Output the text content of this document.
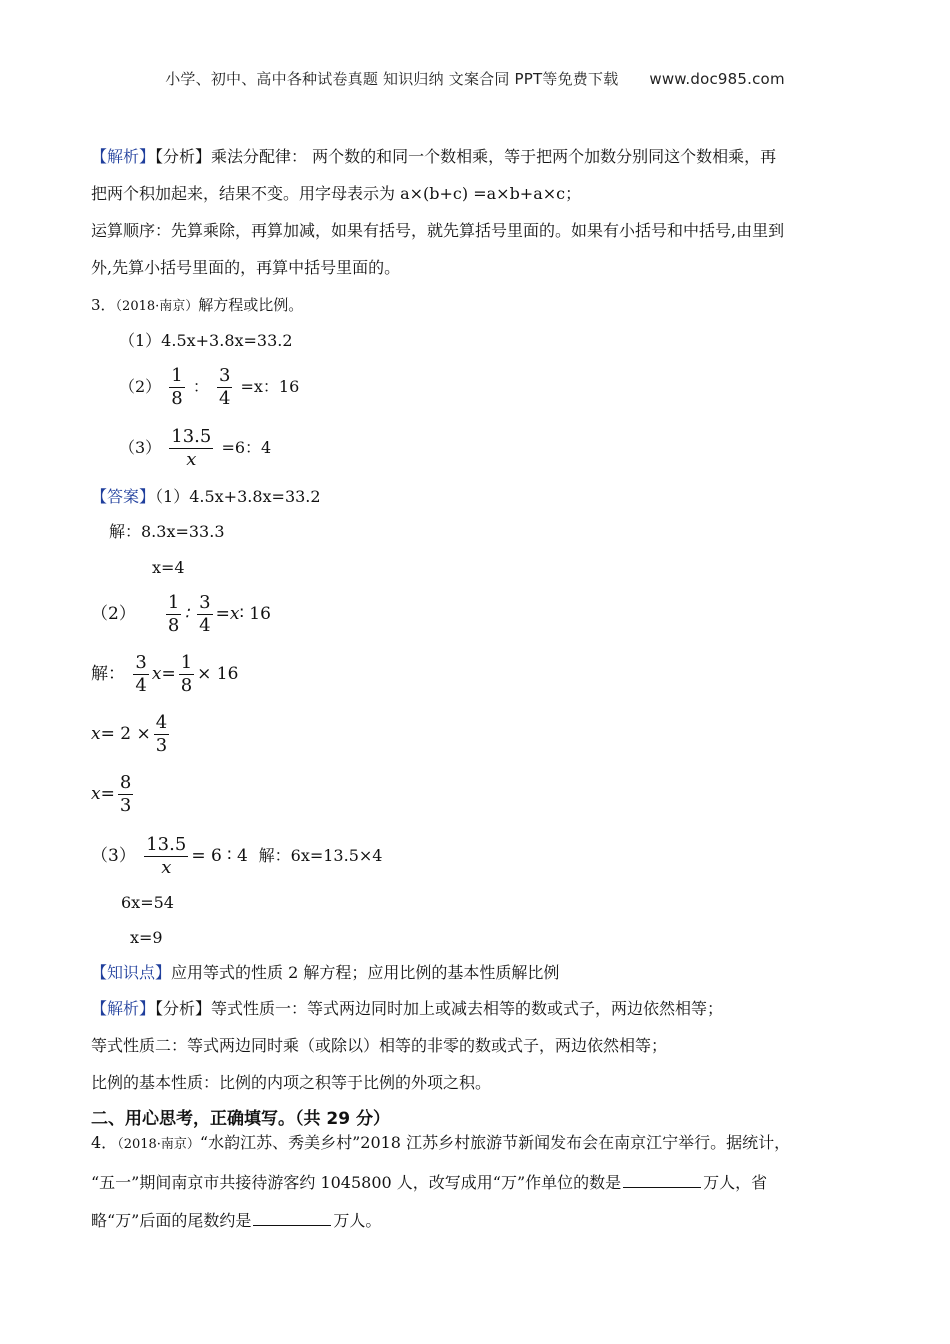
小学、初中、高中各种试卷真题 知识归纳 文案合同 PPT等免费下载 www.doc985.com
【解析】【分析】乘法分配律： 两个数的和同一个数相乘，等于把两个加数分别同这个数相乘，再
把两个积加起来，结果不变。用字母表示为 a×(b+c) =a×b+a×c；
运算顺序：先算乘除，再算加减，如果有括号，就先算括号里面的。如果有小括号和中括号,由里到
外,先算小括号里面的，再算中括号里面的。
3．（2018·南京）解方程或比例。
（1）4.5x+3.8x=33.2
$(2) \frac{1}{8}$ ： $\frac{3}{4} =x$：16
$(3) \frac{13.5}{x} =6$：4
【答案】（1）4.5x+3.8x=33.2
解：8.3x=33.3
x=4
$(2) \frac{1}{8}$ ∶ $\frac{3}{4}$ =x∶ 16
解： $\frac{3}{4} x= \frac{1}{8} \times 16$
$x= 2 \times \frac{4}{3}$
$x= \frac{8}{3}$
$(3) \frac{13.5}{x} = 6$ ∶ 4 解：6x=13.5×4
6x=54
x=9
【知识点】应用等式的性质 2 解方程；应用比例的基本性质解比例
【解析】【分析】等式性质一：等式两边同时加上或减去相等的数或式子，两边依然相等；
等式性质二：等式两边同时乘（或除以）相等的非零的数或式子，两边依然相等；
比例的基本性质：比例的内项之积等于比例的外项之积。
二、用心思考，正确填写。（共 29 分）
4．（2018·南京）“水韵江苏、秀美乡村”2018 江苏乡村旅游节新闻发布会在南京江宁举行。据统计，
“五一”期间南京市共接待游客约 1045800 人，改写成用“万”作单位的数是	万人，省
略“万”后面的尾数约是	万人。
